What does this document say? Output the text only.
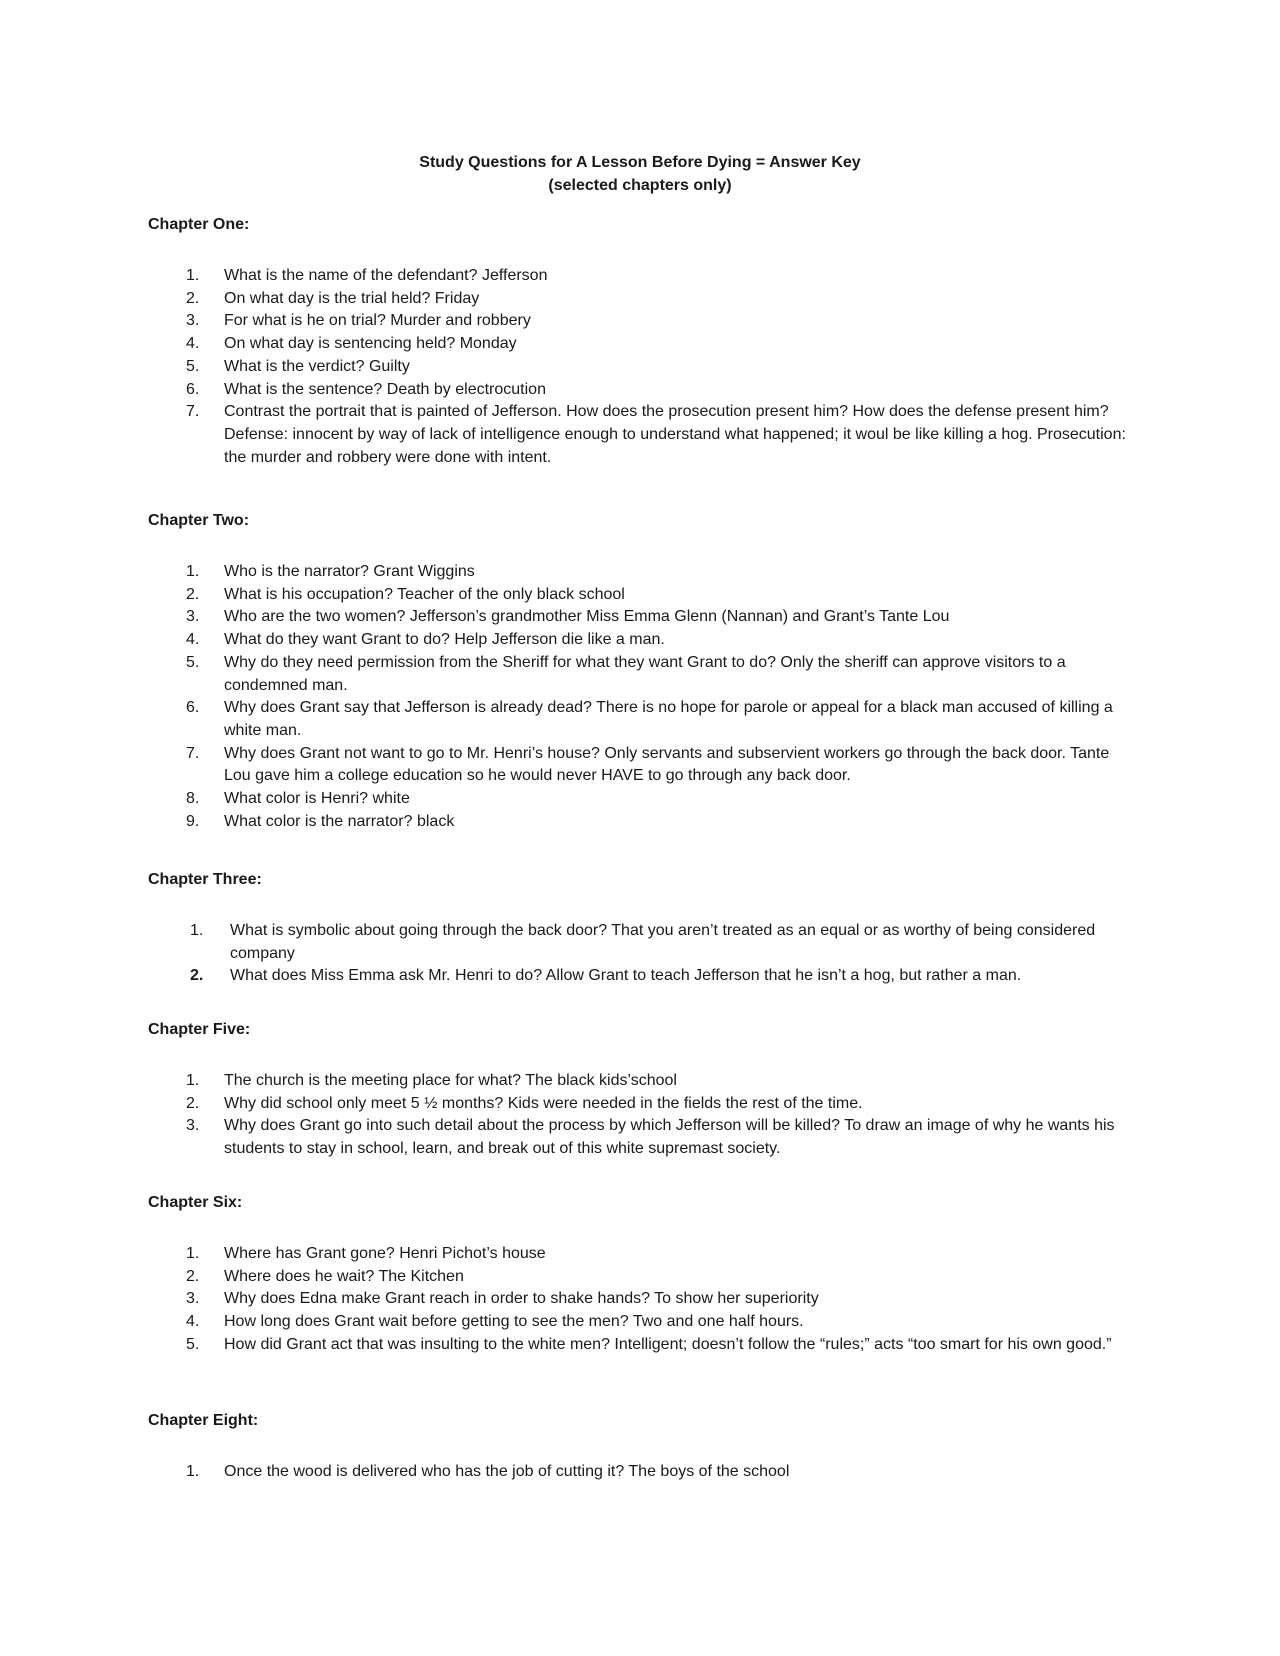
Study Questions for A Lesson Before Dying = Answer Key
(selected chapters only)
Chapter One:
1.	What is the name of the defendant? Jefferson
2.	On what day is the trial held? Friday
3.	For what is he on trial? Murder and robbery
4.	On what day is sentencing held? Monday
5.	What is the verdict? Guilty
6.	What is the sentence? Death by electrocution
7.	Contrast the portrait that is painted of Jefferson. How does the prosecution present him? How does the defense present him? Defense: innocent by way of lack of intelligence enough to understand what happened; it woul be like killing a hog. Prosecution: the murder and robbery were done with intent.
Chapter Two:
1.	Who is the narrator? Grant Wiggins
2.	What is his occupation? Teacher of the only black school
3.	Who are the two women? Jefferson’s grandmother Miss Emma Glenn (Nannan) and Grant’s Tante Lou
4.	What do they want Grant to do? Help Jefferson die like a man.
5.	Why do they need permission from the Sheriff for what they want Grant to do? Only the sheriff can approve visitors to a condemned man.
6.	Why does Grant say that Jefferson is already dead? There is no hope for parole or appeal for a black man accused of killing a white man.
7.	Why does Grant not want to go to Mr. Henri’s house? Only servants and subservient workers go through the back door. Tante Lou gave him a college education so he would never HAVE to go through any back door.
8.	What color is Henri? white
9.	What color is the narrator? black
Chapter Three:
1.	What is symbolic about going through the back door? That you aren’t treated as an equal or as worthy of being considered company
2.	What does Miss Emma ask Mr. Henri to do? Allow Grant to teach Jefferson that he isn’t a hog, but rather a man.
Chapter Five:
1.	The church is the meeting place for what? The black kids’school
2.	Why did school only meet 5 ½ months? Kids were needed in the fields the rest of the time.
3.	Why does Grant go into such detail about the process by which Jefferson will be killed? To draw an image of why he wants his students to stay in school, learn, and break out of this white supremast society.
Chapter Six:
1.	Where has Grant gone? Henri Pichot’s house
2.	Where does he wait? The Kitchen
3.	Why does Edna make Grant reach in order to shake hands? To show her superiority
4.	How long does Grant wait before getting to see the men? Two and one half hours.
5.	How did Grant act that was insulting to the white men? Intelligent; doesn’t follow the “rules;” acts “too smart for his own good.”
Chapter Eight:
1.	Once the wood is delivered who has the job of cutting it? The boys of the school
